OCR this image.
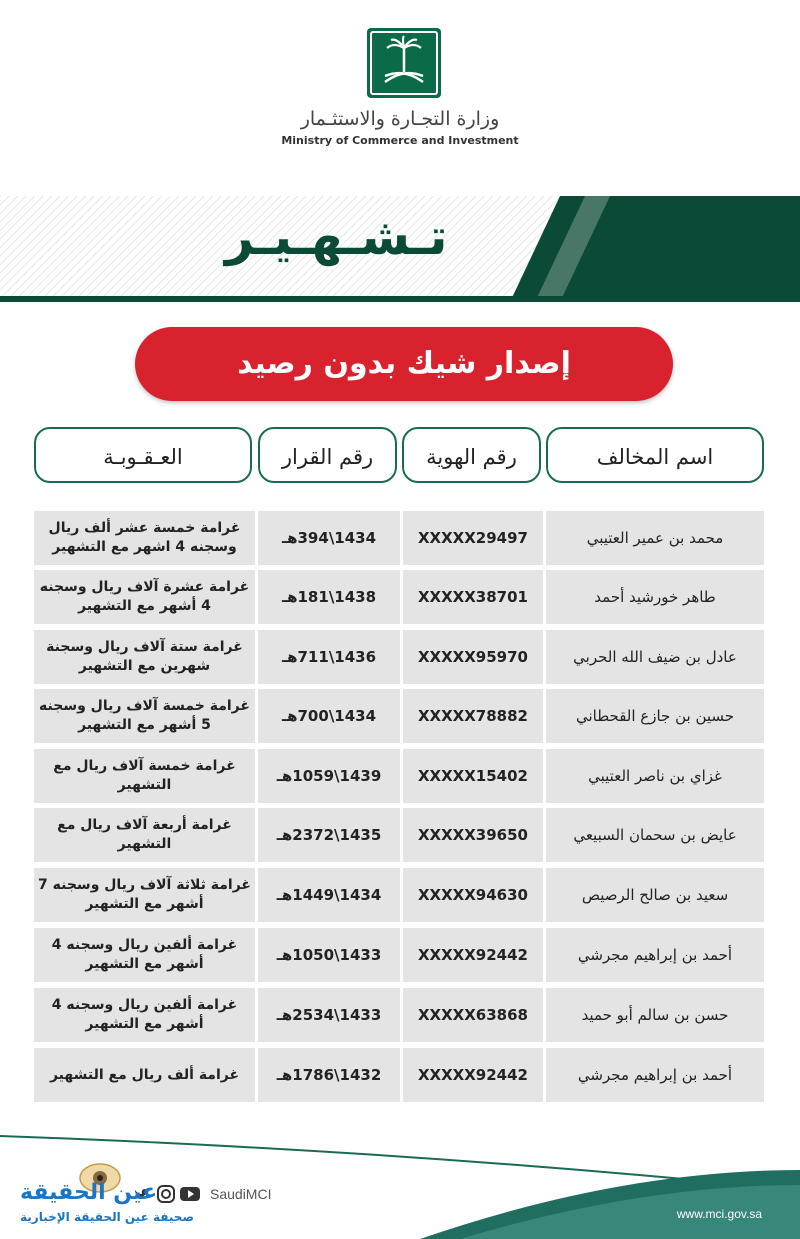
وزارة التجـارة والاستثـمار
Ministry of Commerce and Investment
تـشـهـيـر
إصدار شيك بدون رصيد
اسم المخالف
رقم الهوية
رقم القرار
العـقـوبـة
محمد بن عمير العتيبي
XXXXX29497
1434\394هـ
غرامة خمسة عشر ألف ريال وسجنه 4 اشهر مع التشهير
طاهر خورشيد أحمد
XXXXX38701
1438\181هـ
غرامة عشرة آلاف ريال وسجنه 4 أشهر مع التشهير
عادل بن ضيف الله الحربي
XXXXX95970
1436\711هـ
غرامة ستة آلاف ريال وسجنة شهرين مع التشهير
حسين بن جازع القحطاني
XXXXX78882
1434\700هـ
غرامة خمسة آلاف ريال وسجنه 5 أشهر مع التشهير
غزاي بن ناصر العتيبي
XXXXX15402
1439\1059هـ
غرامة خمسة آلاف ريال مع التشهير
عايض بن سحمان السبيعي
XXXXX39650
1435\2372هـ
غرامة أربعة آلاف ريال مع التشهير
سعيد بن صالح الرصيص
XXXXX94630
1434\1449هـ
غرامة ثلاثة آلاف ريال وسجنه 7 أشهر مع التشهير
أحمد بن إبراهيم مجرشي
XXXXX92442
1433\1050هـ
غرامة ألفين ريال وسجنه 4 أشهر مع التشهير
حسن بن سالم أبو حميد
XXXXX63868
1433\2534هـ
غرامة ألفين ريال وسجنه 4 أشهر مع التشهير
أحمد بن إبراهيم مجرشي
XXXXX92442
1432\1786هـ
غرامة ألف ريال مع التشهير
www.mci.gov.sa
SaudiMCI
عين الحقيقة
صحيفة عين الحقيقة الإخبارية
